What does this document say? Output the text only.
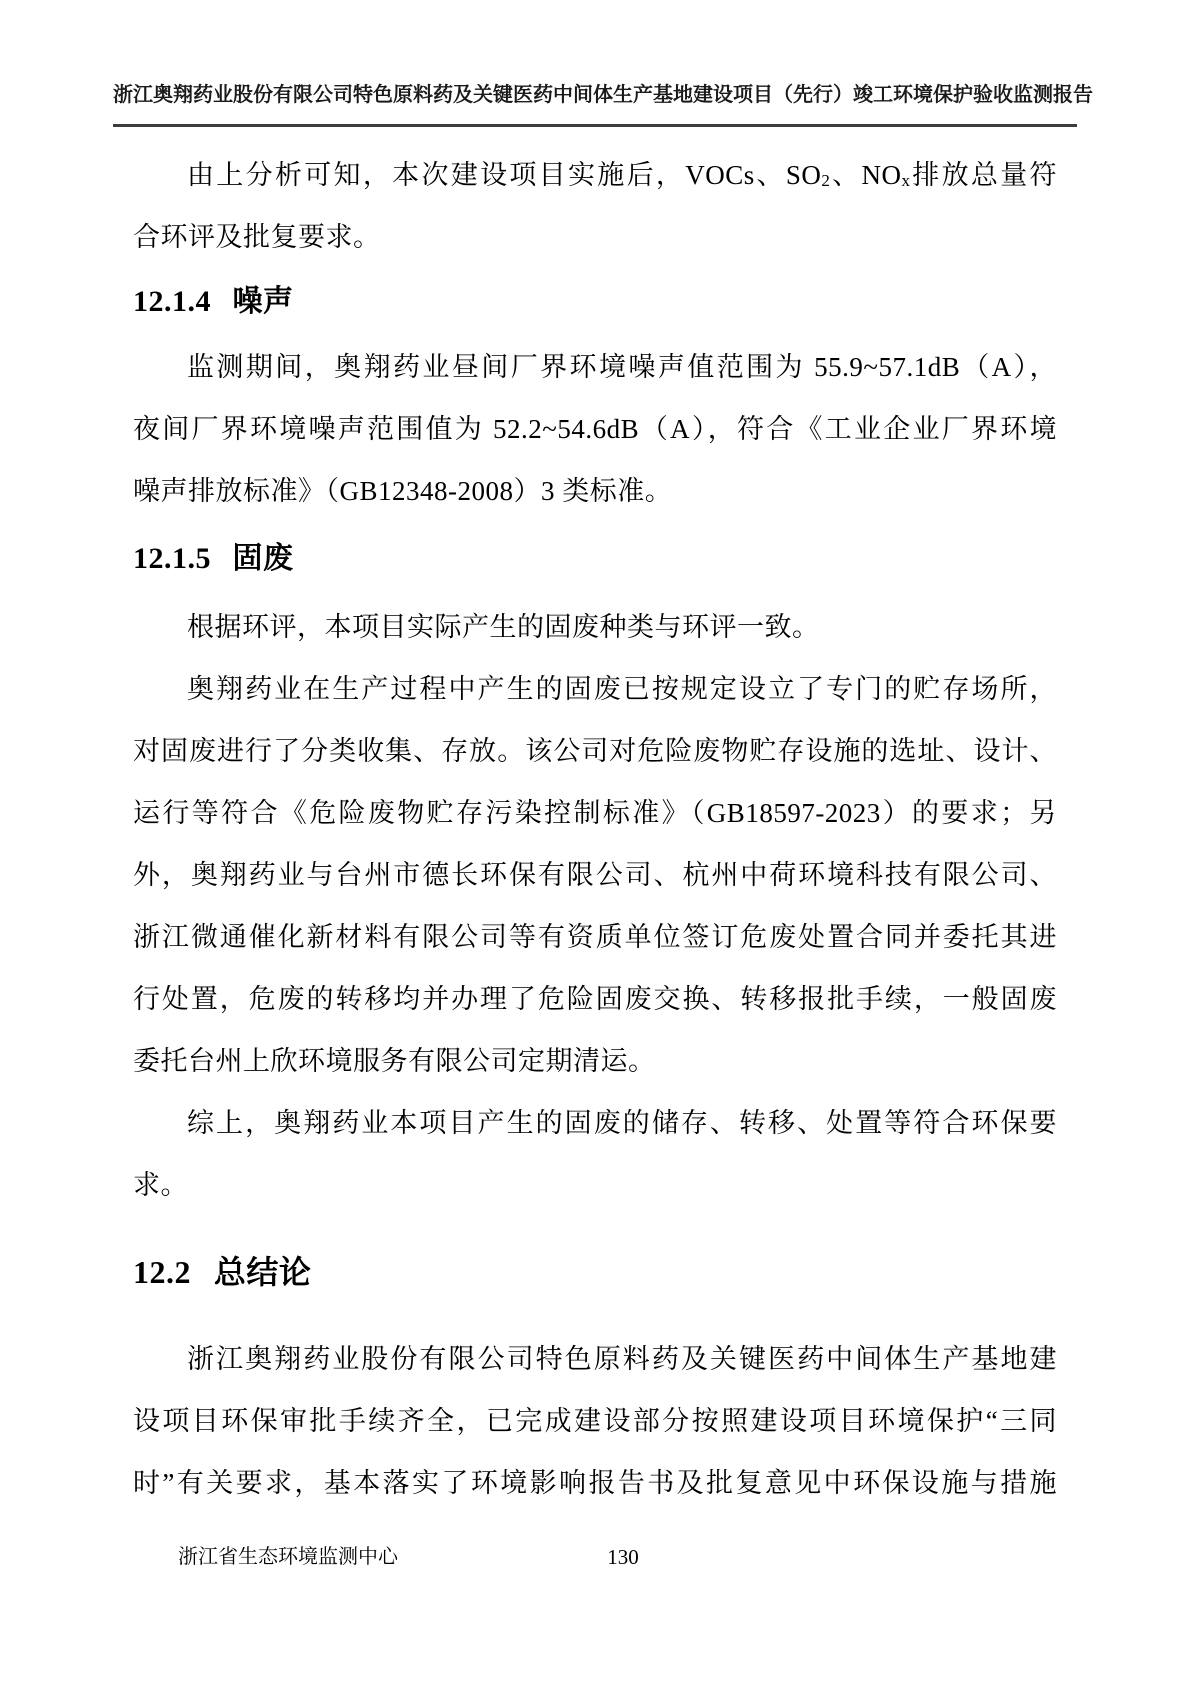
浙江奥翔药业股份有限公司特色原料药及关键医药中间体生产基地建设项目（先行）竣工环境保护验收监测报告
由上分析可知，本次建设项目实施后，VOCs、$SO_2$、$NO_x$排放总量符
合环评及批复要求。
12.1.4 噪声
监测期间，奥翔药业昼间厂界环境噪声值范围为 55.9~57.1dB（A），
夜间厂界环境噪声范围值为 52.2~54.6dB（A），符合《工业企业厂界环境
噪声排放标准》（GB12348-2008）3 类标准。
12.1.5 固废
根据环评，本项目实际产生的固废种类与环评一致。
奥翔药业在生产过程中产生的固废已按规定设立了专门的贮存场所，
对固废进行了分类收集、存放。该公司对危险废物贮存设施的选址、设计、
运行等符合《危险废物贮存污染控制标准》（GB18597-2023）的要求；另
外，奥翔药业与台州市德长环保有限公司、杭州中荷环境科技有限公司、
浙江微通催化新材料有限公司等有资质单位签订危废处置合同并委托其进
行处置，危废的转移均并办理了危险固废交换、转移报批手续，一般固废
委托台州上欣环境服务有限公司定期清运。
综上，奥翔药业本项目产生的固废的储存、转移、处置等符合环保要
求。
12.2 总结论
浙江奥翔药业股份有限公司特色原料药及关键医药中间体生产基地建
设项目环保审批手续齐全，已完成建设部分按照建设项目环境保护“三同
时”有关要求，基本落实了环境影响报告书及批复意见中环保设施与措施
浙江省生态环境监测中心	130
